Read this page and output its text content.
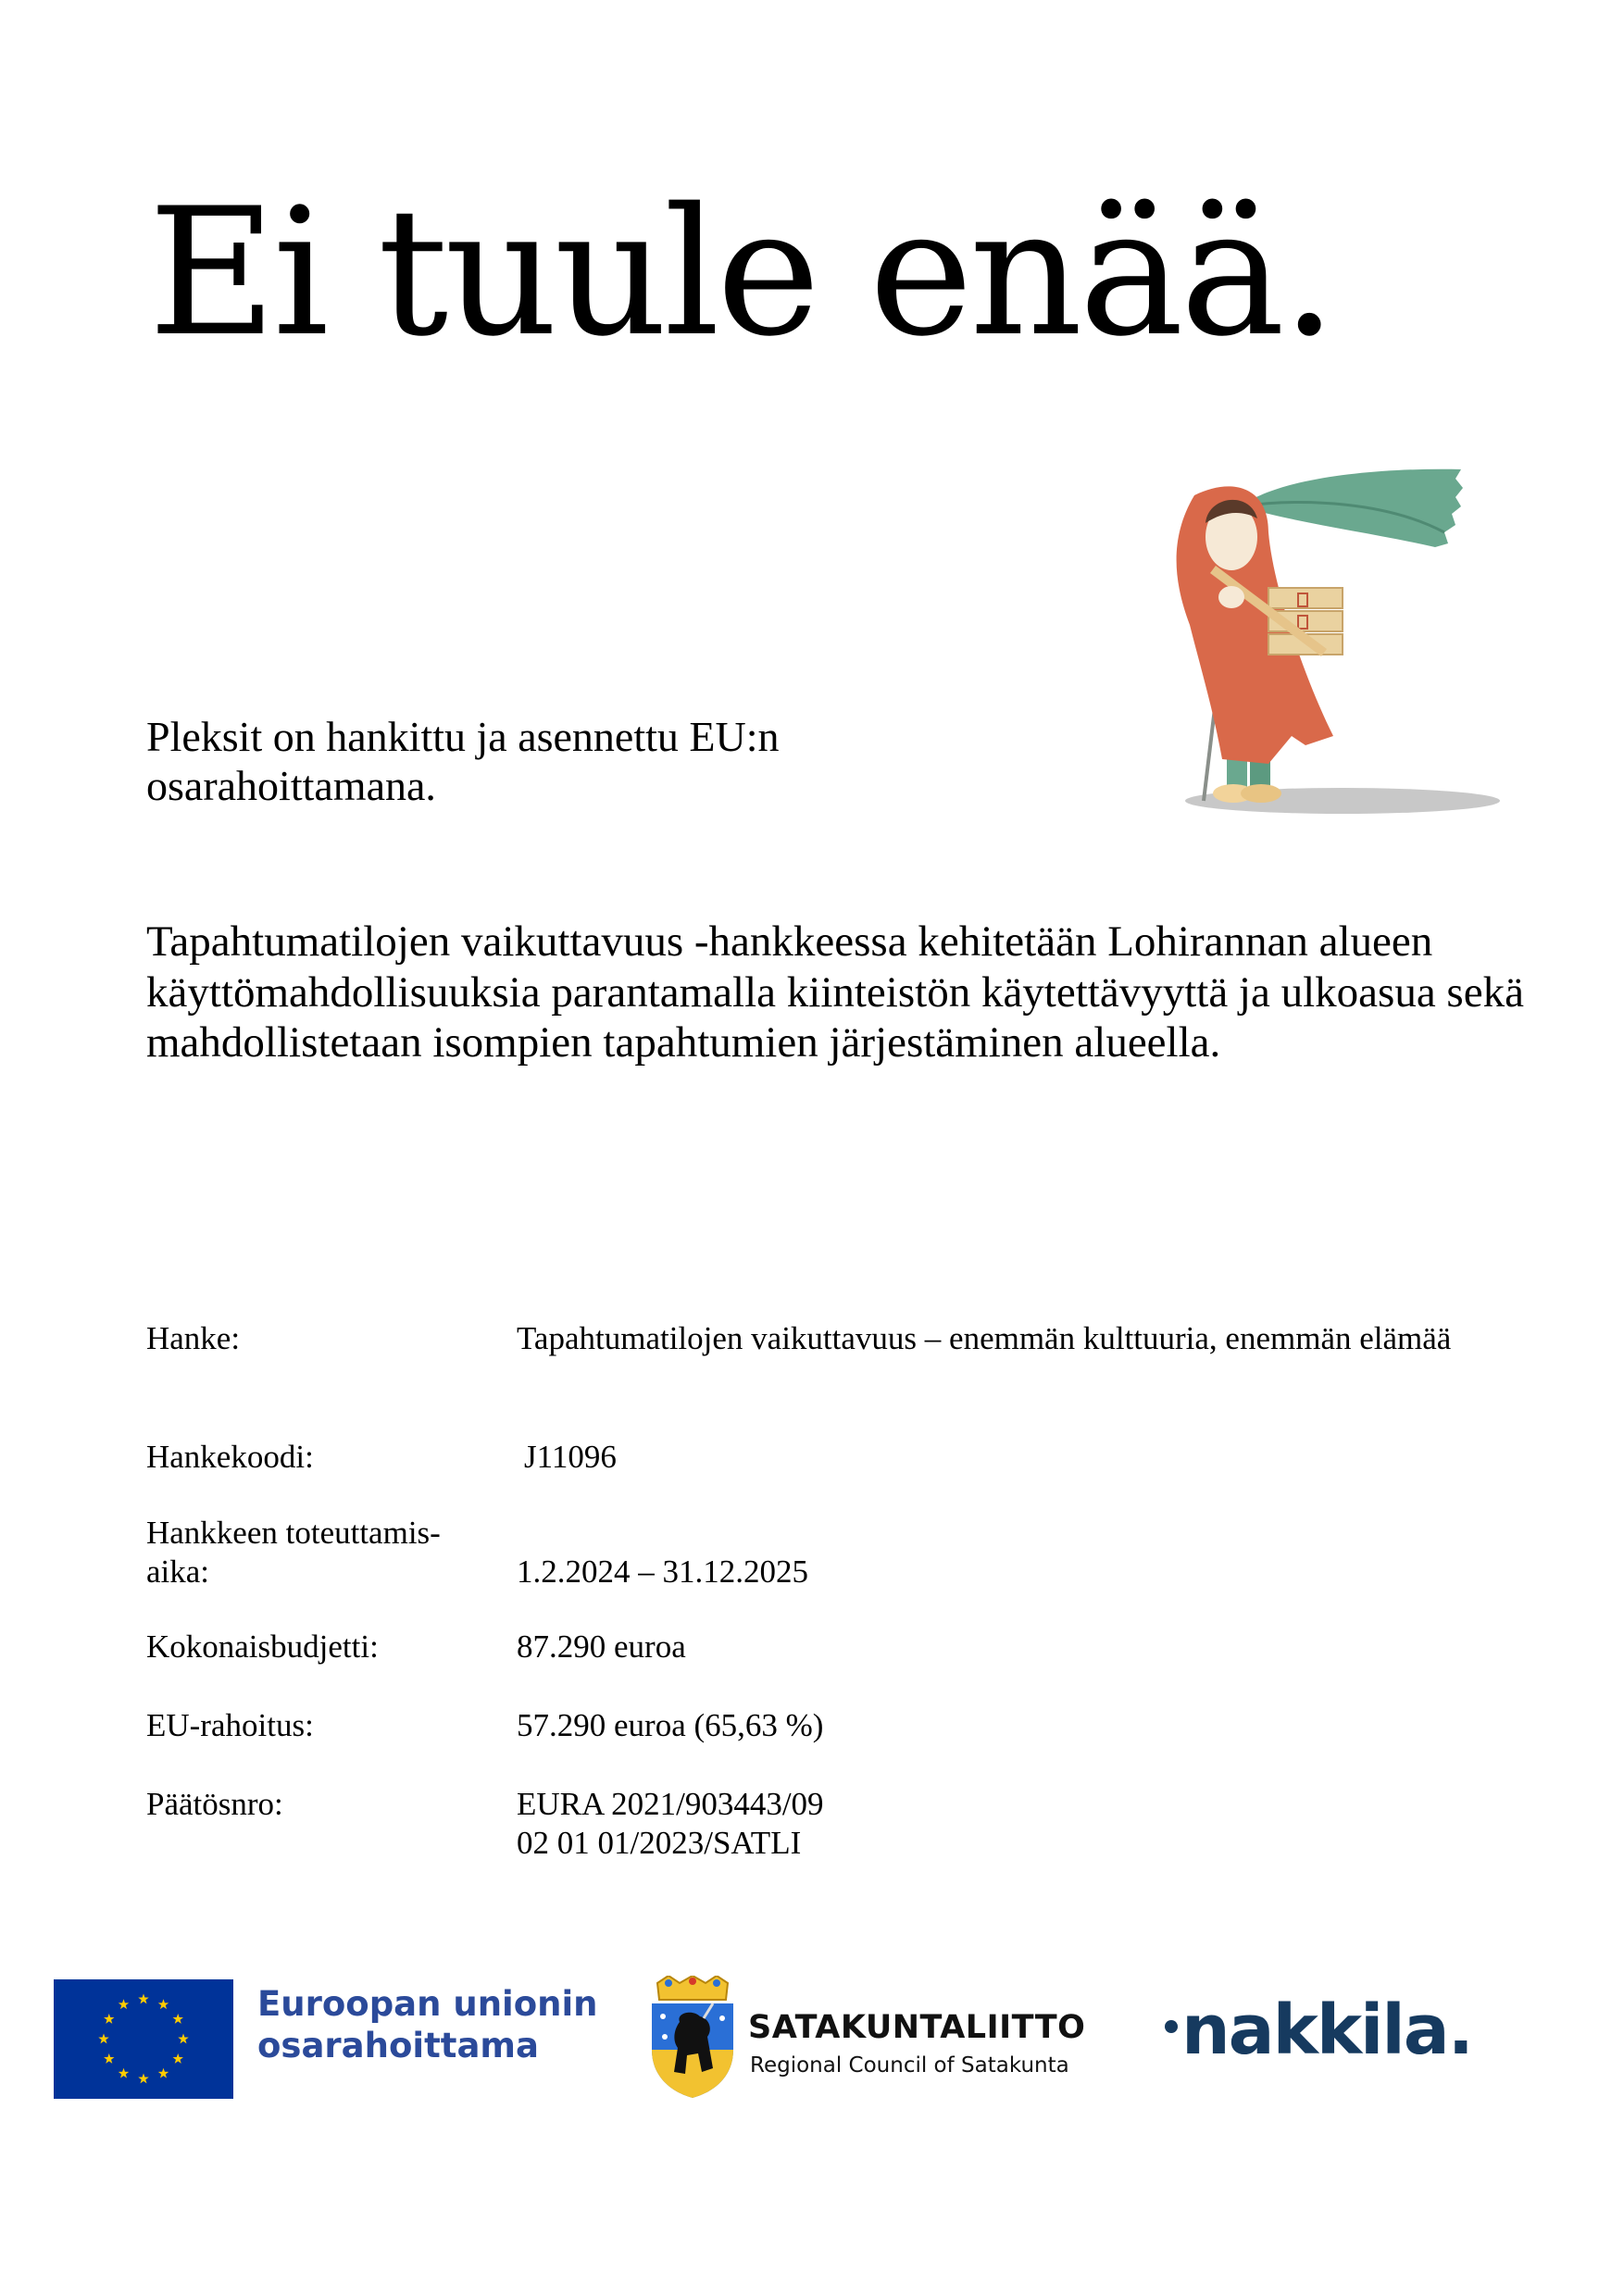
Ei tuule enää.

Pleksit on hankittu ja asennettu EU:n osarahoittamana.

Tapahtumatilojen vaikuttavuus -hankkeessa kehitetään Lohirannan alueen käyttömahdollisuuksia parantamalla kiinteistön käytettävyyttä ja ulkoasua sekä mahdollistetaan isompien tapahtumien järjestäminen alueella.

Hanke:	Tapahtumatilojen vaikuttavuus – enemmän kulttuuria, enemmän elämää
Hankekoodi:	J11096
Hankkeen toteuttamis-
aika:	1.2.2024 – 31.12.2025
Kokonaisbudjetti:	87.290 euroa
EU-rahoitus:	57.290 euroa (65,63 %)
Päätösnro:	EURA 2021/903443/09
02 01 01/2023/SATLI
Euroopan unionin
osarahoittama	SATAKUNTALIITTO
Regional Council of Satakunta nakkila.
